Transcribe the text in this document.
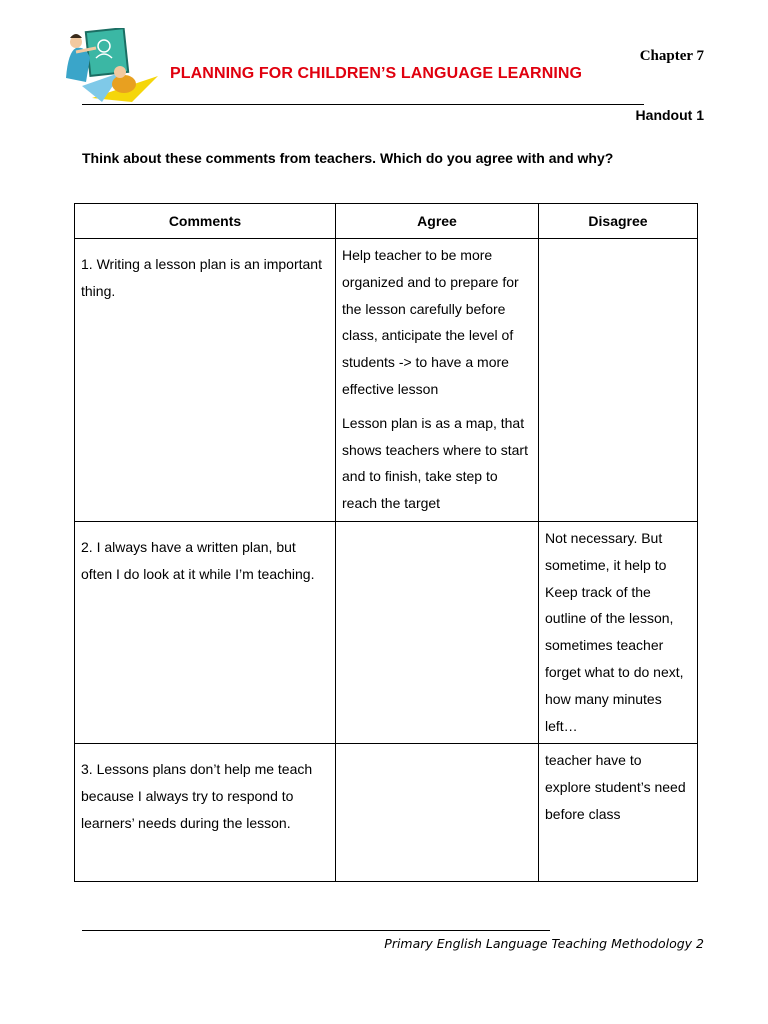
Chapter 7
PLANNING FOR CHILDREN’S LANGUAGE LEARNING
Handout 1
Think about these comments from teachers. Which do you agree with and why?
Comments	Agree	Disagree
1. Writing a lesson plan is an important thing.	Help teacher to be more organized and to prepare for the lesson carefully before class, anticipate the level of students -> to have a more effective lesson
Lesson plan is as a map, that shows teachers where to start and to finish, take step to reach the target	

2. I always have a written plan, but often I do look at it while I’m teaching.		Not necessary. But sometime, it help to Keep track of the outline of the lesson, sometimes teacher forget what to do next, how many minutes left…
3. Lessons plans don’t help me teach because I always try to respond to learners’ needs during the lesson.		teacher have to explore student’s need before class
Primary English Language Teaching Methodology 2
